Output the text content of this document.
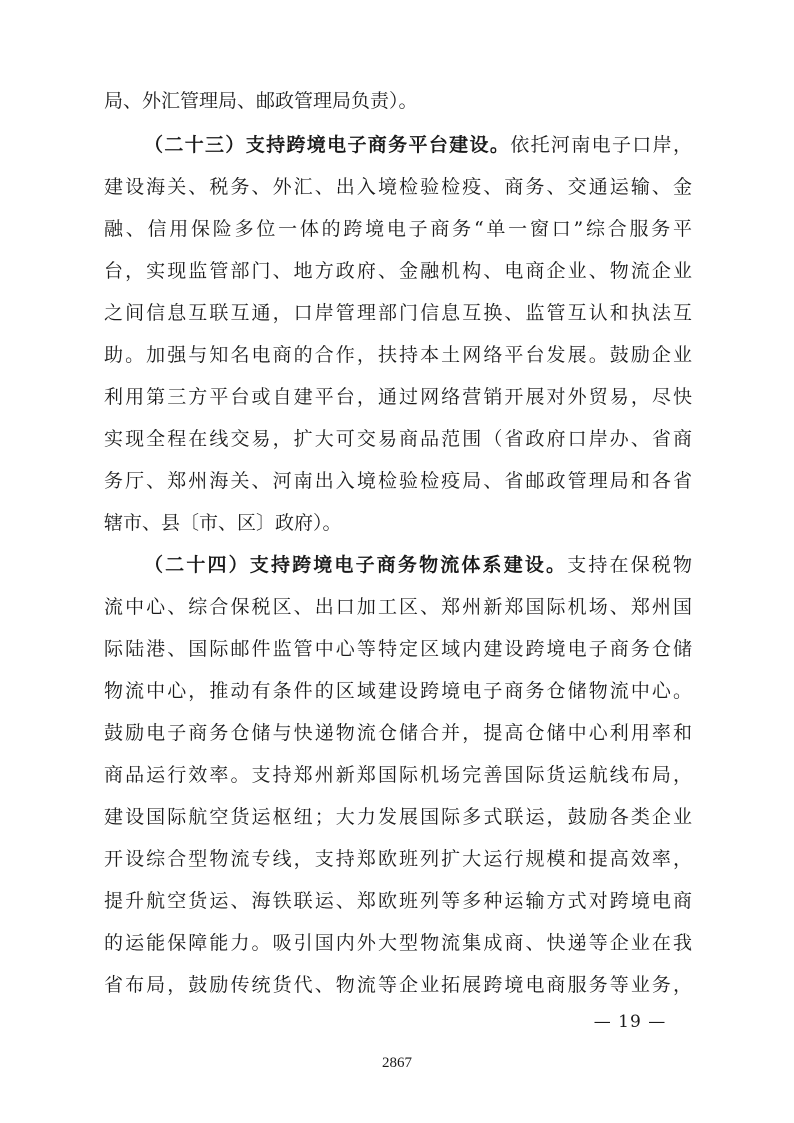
局、外汇管理局、邮政管理局负责）。
（二十三）支持跨境电子商务平台建设。依托河南电子口岸，
建设海关、税务、外汇、出入境检验检疫、商务、交通运输、金
融、信用保险多位一体的跨境电子商务“单一窗口”综合服务平
台，实现监管部门、地方政府、金融机构、电商企业、物流企业
之间信息互联互通，口岸管理部门信息互换、监管互认和执法互
助。加强与知名电商的合作，扶持本土网络平台发展。鼓励企业
利用第三方平台或自建平台，通过网络营销开展对外贸易，尽快
实现全程在线交易，扩大可交易商品范围（省政府口岸办、省商
务厅、郑州海关、河南出入境检验检疫局、省邮政管理局和各省
辖市、县〔市、区〕政府）。
（二十四）支持跨境电子商务物流体系建设。支持在保税物
流中心、综合保税区、出口加工区、郑州新郑国际机场、郑州国
际陆港、国际邮件监管中心等特定区域内建设跨境电子商务仓储
物流中心，推动有条件的区域建设跨境电子商务仓储物流中心。
鼓励电子商务仓储与快递物流仓储合并，提高仓储中心利用率和
商品运行效率。支持郑州新郑国际机场完善国际货运航线布局，
建设国际航空货运枢纽；大力发展国际多式联运，鼓励各类企业
开设综合型物流专线，支持郑欧班列扩大运行规模和提高效率，
提升航空货运、海铁联运、郑欧班列等多种运输方式对跨境电商
的运能保障能力。吸引国内外大型物流集成商、快递等企业在我
省布局，鼓励传统货代、物流等企业拓展跨境电商服务等业务，
— 19 —
2867
